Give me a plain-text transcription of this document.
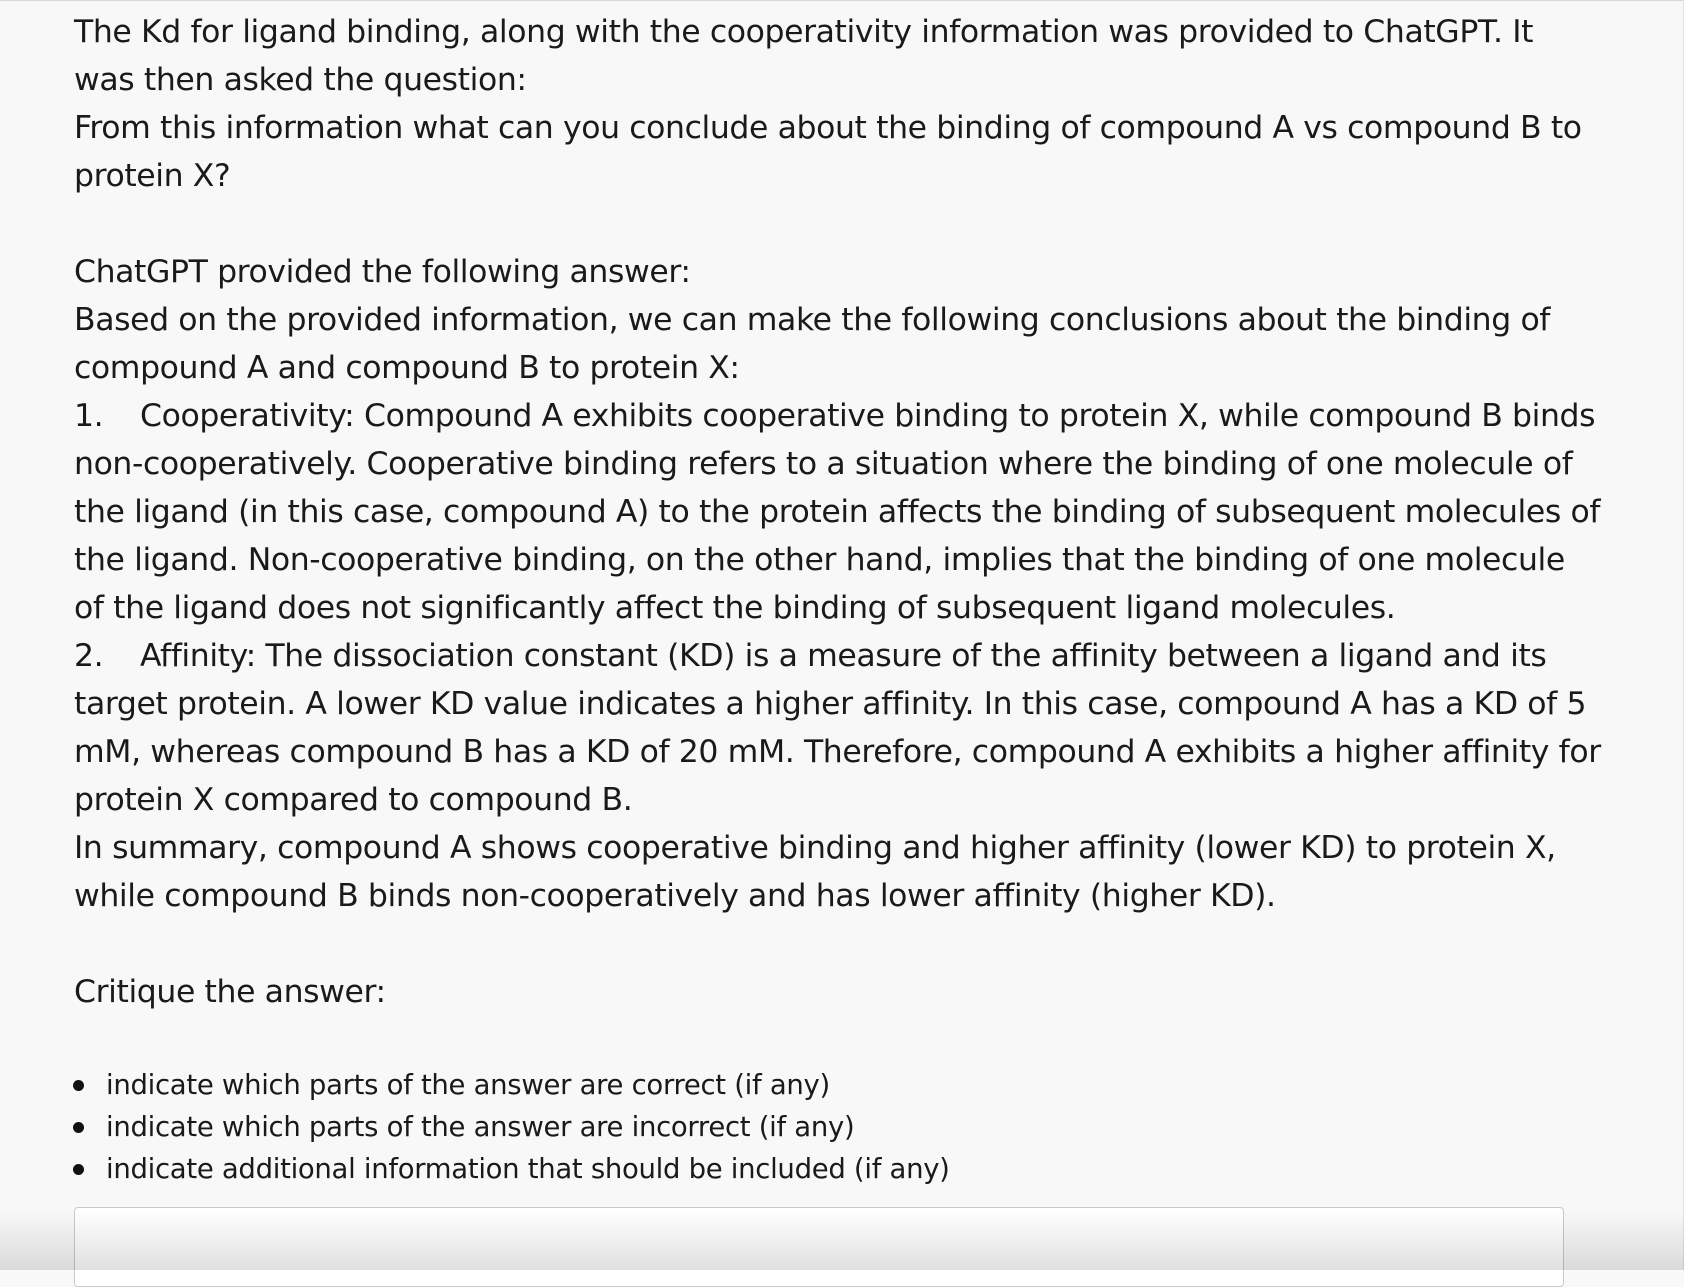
The Kd for ligand binding, along with the cooperativity information was provided to ChatGPT. It

was then asked the question:

From this information what can you conclude about the binding of compound A vs compound B to

protein X?

ChatGPT provided the following answer:

Based on the provided information, we can make the following conclusions about the binding of

compound A and compound B to protein X:

1. Cooperativity: Compound A exhibits cooperative binding to protein X, while compound B binds

non-cooperatively. Cooperative binding refers to a situation where the binding of one molecule of

the ligand (in this case, compound A) to the protein affects the binding of subsequent molecules of

the ligand. Non-cooperative binding, on the other hand, implies that the binding of one molecule

of the ligand does not significantly affect the binding of subsequent ligand molecules.

2. Affinity: The dissociation constant (KD) is a measure of the affinity between a ligand and its

target protein. A lower KD value indicates a higher affinity. In this case, compound A has a KD of 5

mM, whereas compound B has a KD of 20 mM. Therefore, compound A exhibits a higher affinity for

protein X compared to compound B.

In summary, compound A shows cooperative binding and higher affinity (lower KD) to protein X,

while compound B binds non-cooperatively and has lower affinity (higher KD).

Critique the answer:

indicate which parts of the answer are correct (if any)
indicate which parts of the answer are incorrect (if any)
indicate additional information that should be included (if any)
